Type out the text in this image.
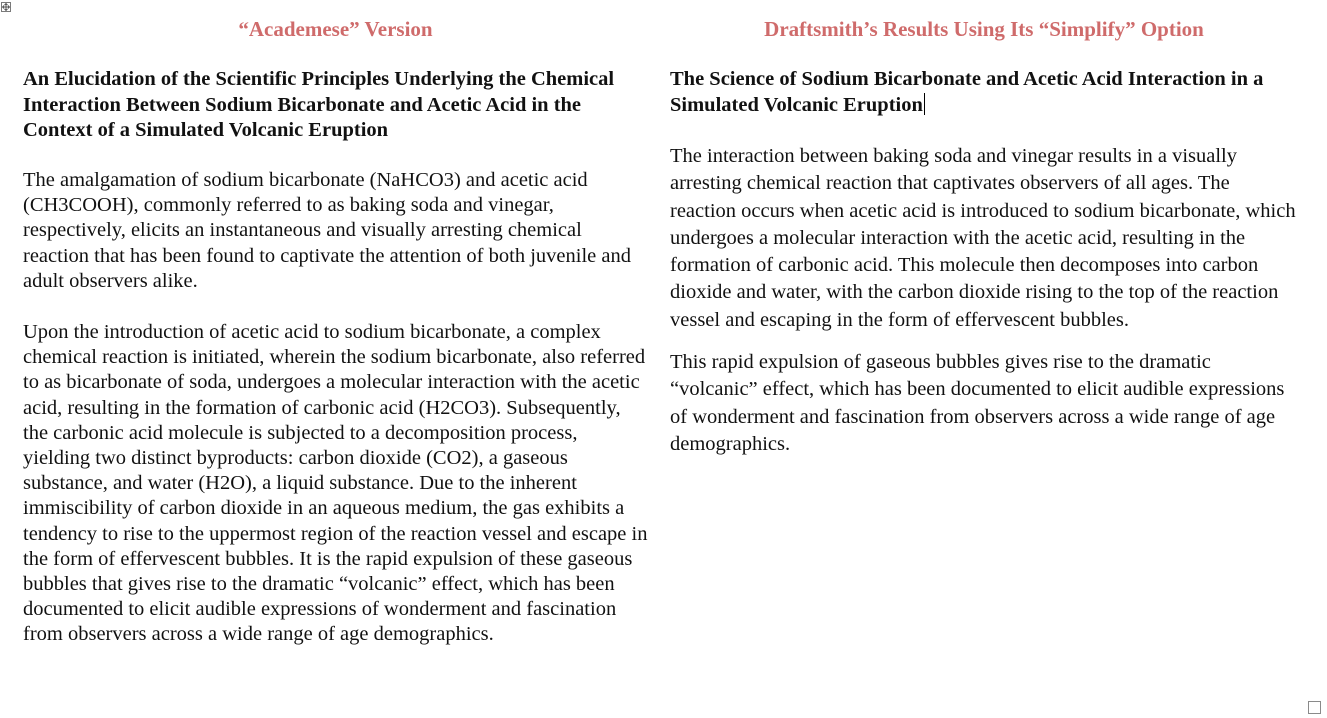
“Academese” Version
An Elucidation of the Scientific Principles Underlying the Chemical Interaction Between Sodium Bicarbonate and Acetic Acid in the Context of a Simulated Volcanic Eruption

The amalgamation of sodium bicarbonate (NaHCO3) and acetic acid (CH3COOH), commonly referred to as baking soda and vinegar, respectively, elicits an instantaneous and visually arresting chemical reaction that has been found to captivate the attention of both juvenile and adult observers alike.

Upon the introduction of acetic acid to sodium bicarbonate, a complex chemical reaction is initiated, wherein the sodium bicarbonate, also referred to as bicarbonate of soda, undergoes a molecular interaction with the acetic acid, resulting in the formation of carbonic acid (H2CO3). Subsequently, the carbonic acid molecule is subjected to a decomposition process, yielding two distinct byproducts: carbon dioxide (CO2), a gaseous substance, and water (H2O), a liquid substance. Due to the inherent immiscibility of carbon dioxide in an aqueous medium, the gas exhibits a tendency to rise to the uppermost region of the reaction vessel and escape in the form of effervescent bubbles. It is the rapid expulsion of these gaseous bubbles that gives rise to the dramatic “volcanic” effect, which has been documented to elicit audible expressions of wonderment and fascination from observers across a wide range of age demographics.

Draftsmith’s Results Using Its “Simplify” Option
The Science of Sodium Bicarbonate and Acetic Acid Interaction in a Simulated Volcanic Eruption

The interaction between baking soda and vinegar results in a visually arresting chemical reaction that captivates observers of all ages. The reaction occurs when acetic acid is introduced to sodium bicarbonate, which undergoes a molecular interaction with the acetic acid, resulting in the formation of carbonic acid. This molecule then decomposes into carbon dioxide and water, with the carbon dioxide rising to the top of the reaction vessel and escaping in the form of effervescent bubbles.

This rapid expulsion of gaseous bubbles gives rise to the dramatic “volcanic” effect, which has been documented to elicit audible expressions of wonderment and fascination from observers across a wide range of age demographics.
